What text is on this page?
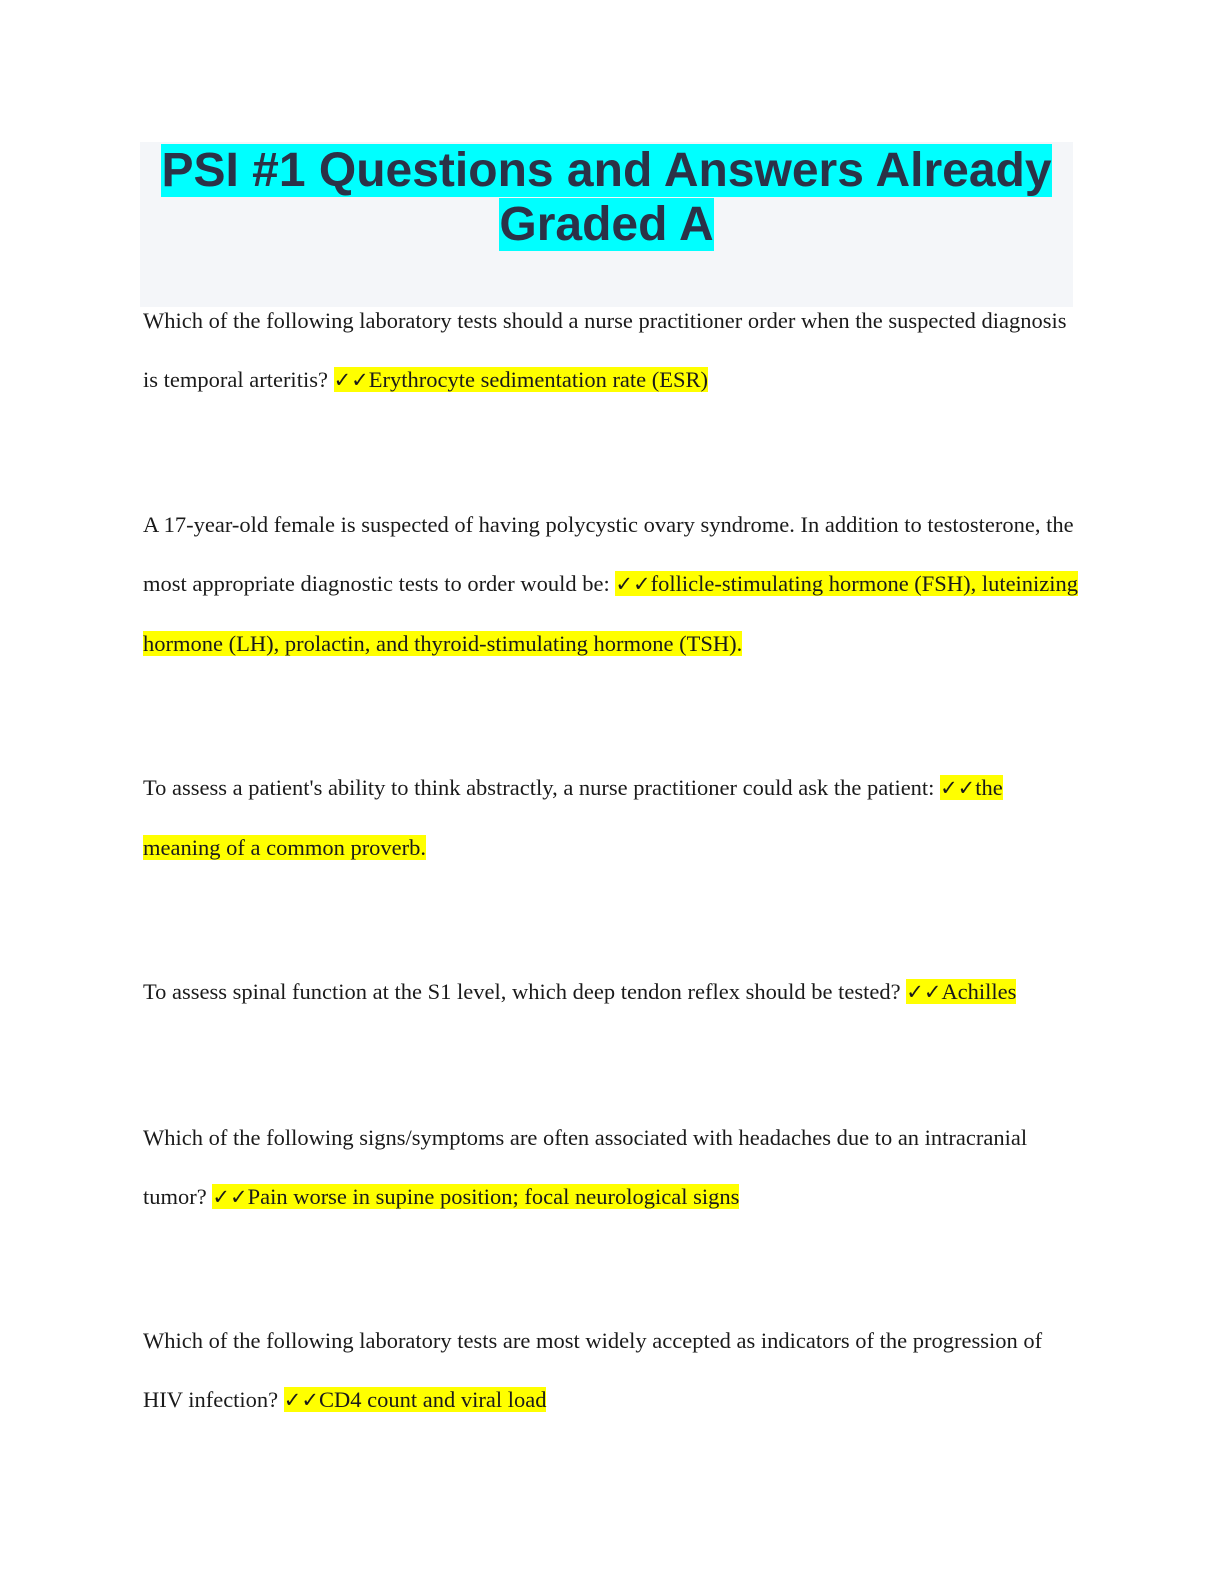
PSI #1 Questions and Answers Already Graded A

Which of the following laboratory tests should a nurse practitioner order when the suspected diagnosis is temporal arteritis? ✓✓Erythrocyte sedimentation rate (ESR)

A 17-year-old female is suspected of having polycystic ovary syndrome. In addition to testosterone, the most appropriate diagnostic tests to order would be: ✓✓follicle-stimulating hormone (FSH), luteinizing hormone (LH), prolactin, and thyroid-stimulating hormone (TSH).

To assess a patient's ability to think abstractly, a nurse practitioner could ask the patient: ✓✓the meaning of a common proverb.

To assess spinal function at the S1 level, which deep tendon reflex should be tested? ✓✓Achilles

Which of the following signs/symptoms are often associated with headaches due to an intracranial tumor? ✓✓Pain worse in supine position; focal neurological signs

Which of the following laboratory tests are most widely accepted as indicators of the progression of HIV infection? ✓✓CD4 count and viral load
